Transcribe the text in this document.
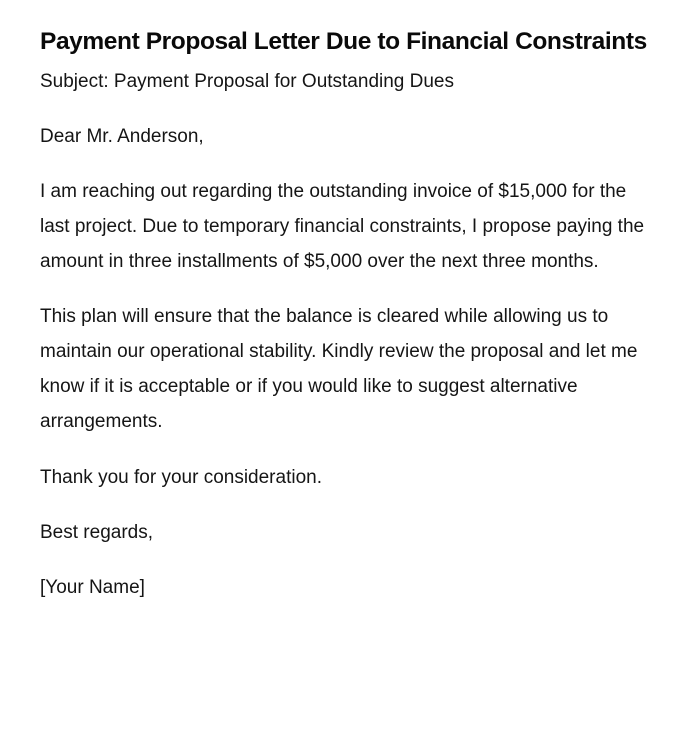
Payment Proposal Letter Due to Financial Constraints

Subject: Payment Proposal for Outstanding Dues

Dear Mr. Anderson,

I am reaching out regarding the outstanding invoice of $15,000 for the last project. Due to temporary financial constraints, I propose paying the amount in three installments of $5,000 over the next three months.

This plan will ensure that the balance is cleared while allowing us to maintain our operational stability. Kindly review the proposal and let me know if it is acceptable or if you would like to suggest alternative arrangements.

Thank you for your consideration.

Best regards,

[Your Name]
